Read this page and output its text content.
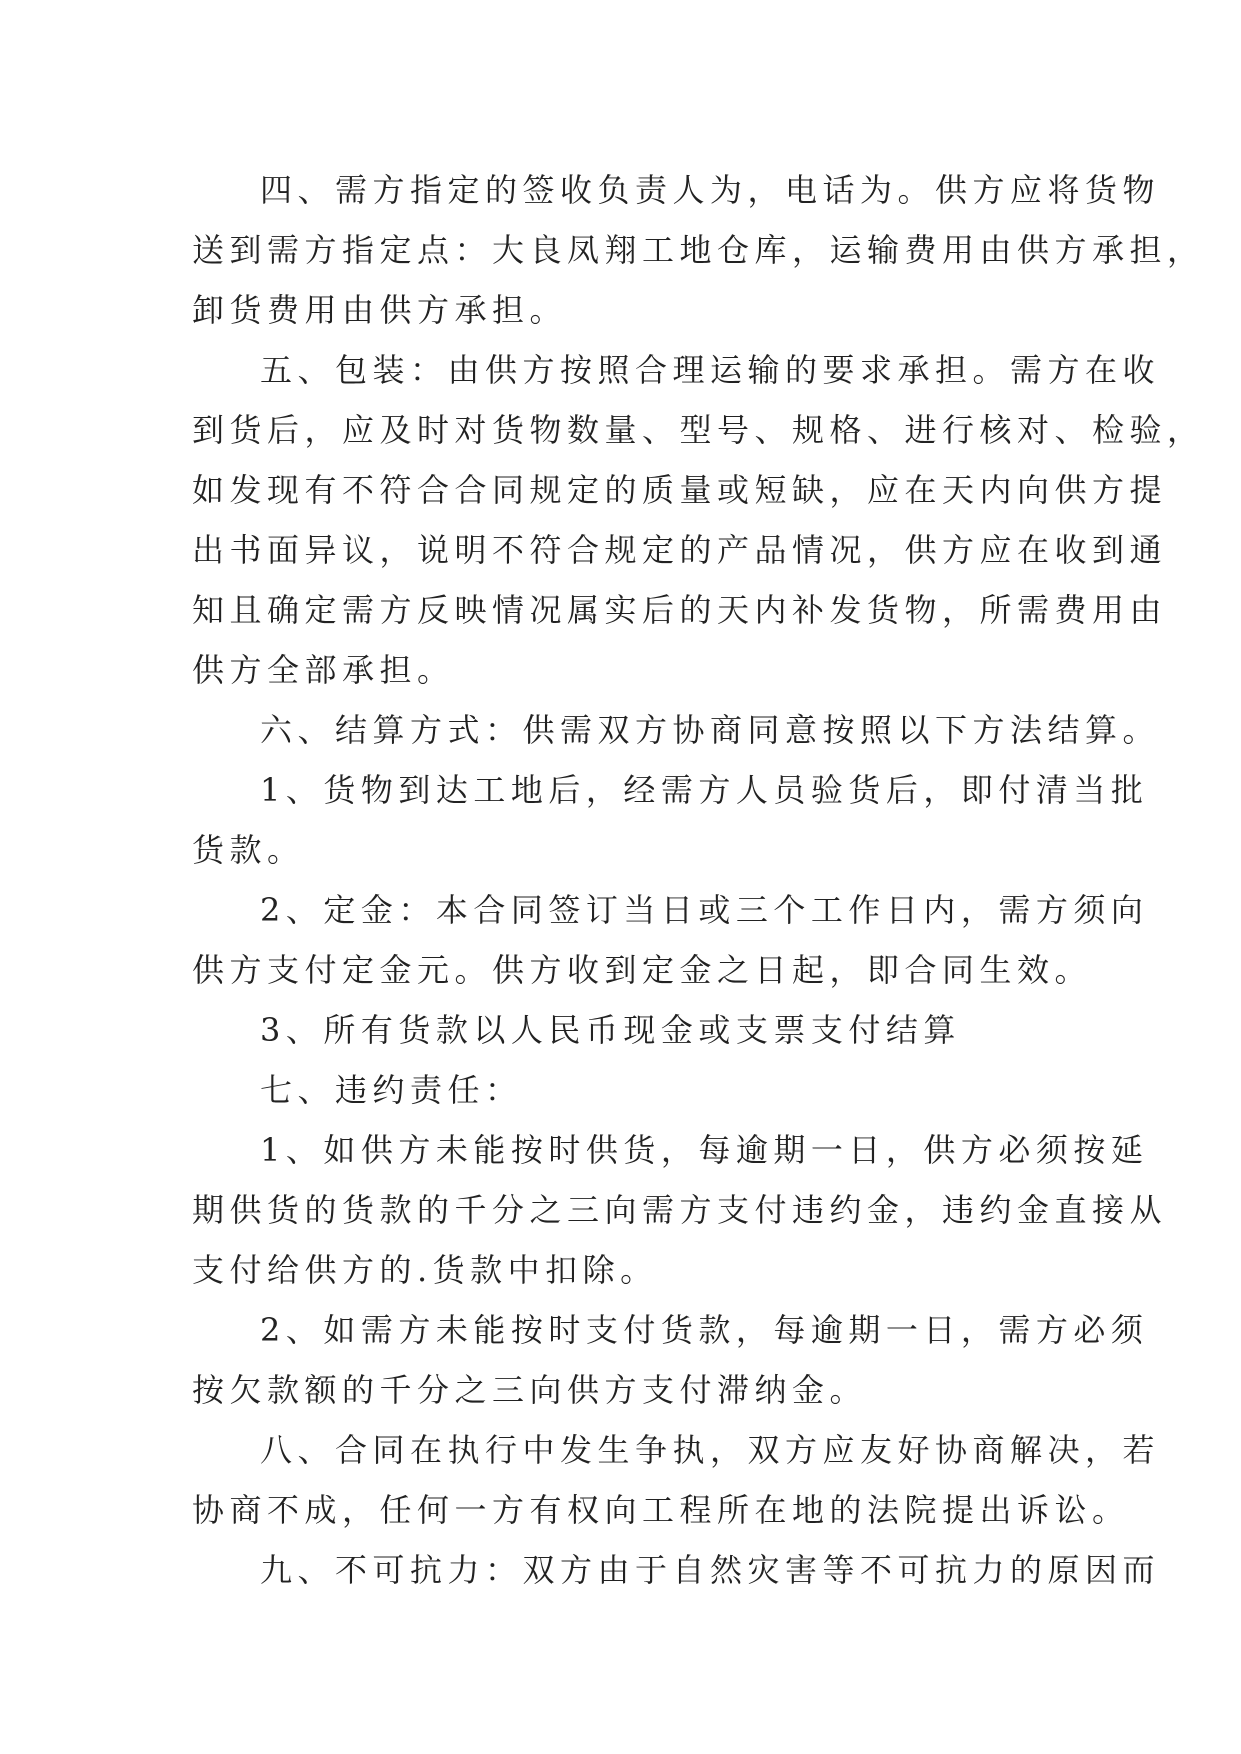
四、需方指定的签收负责人为，电话为。供方应将货物
送到需方指定点：大良凤翔工地仓库，运输费用由供方承担，
卸货费用由供方承担。
五、包装：由供方按照合理运输的要求承担。需方在收
到货后，应及时对货物数量、型号、规格、进行核对、检验，
如发现有不符合合同规定的质量或短缺，应在天内向供方提
出书面异议，说明不符合规定的产品情况，供方应在收到通
知且确定需方反映情况属实后的天内补发货物，所需费用由
供方全部承担。
六、结算方式：供需双方协商同意按照以下方法结算。
1、货物到达工地后，经需方人员验货后，即付清当批
货款。
2、定金：本合同签订当日或三个工作日内，需方须向
供方支付定金元。供方收到定金之日起，即合同生效。
3、所有货款以人民币现金或支票支付结算
七、违约责任：
1、如供方未能按时供货，每逾期一日，供方必须按延
期供货的货款的千分之三向需方支付违约金，违约金直接从
支付给供方的.货款中扣除。
2、如需方未能按时支付货款，每逾期一日，需方必须
按欠款额的千分之三向供方支付滞纳金。
八、合同在执行中发生争执，双方应友好协商解决，若
协商不成，任何一方有权向工程所在地的法院提出诉讼。
九、不可抗力：双方由于自然灾害等不可抗力的原因而
